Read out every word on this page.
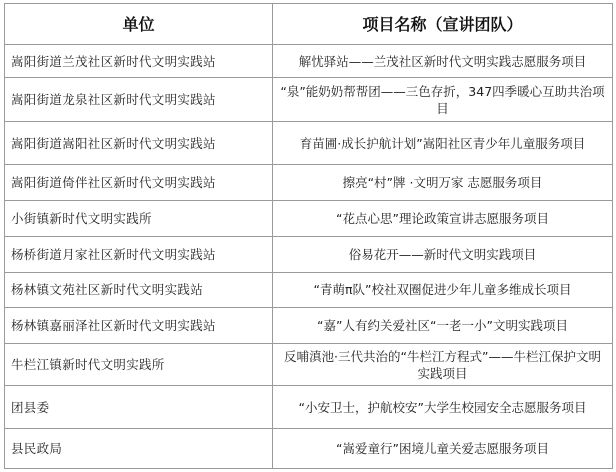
单位	项目名称（宣讲团队）
嵩阳街道兰茂社区新时代文明实践站	解忧驿站——兰茂社区新时代文明实践志愿服务项目
嵩阳街道龙泉社区新时代文明实践站	“泉”能奶奶帮帮团——三色存折，347四季暖心互助共治项目
嵩阳街道嵩阳社区新时代文明实践站	育苗圃·成长护航计划”嵩阳社区青少年儿童服务项目
嵩阳街道倚伴社区新时代文明实践站	擦亮“村”牌 ·文明万家 志愿服务项目
小街镇新时代文明实践所	“花点心思”理论政策宣讲志愿服务项目
杨桥街道月家社区新时代文明实践站	俗易花开——新时代文明实践项目
杨林镇文苑社区新时代文明实践站	“青萌π队”校社双圈促进少年儿童多维成长项目
杨林镇嘉丽泽社区新时代文明实践站	“嘉”人有约关爱社区“一老一小”文明实践项目
牛栏江镇新时代文明实践所	反哺滇池·三代共治的“牛栏江方程式”——牛栏江保护文明实践项目
团县委	“小安卫士，护航校安”大学生校园安全志愿服务项目
县民政局	“嵩爱童行”困境儿童关爱志愿服务项目
